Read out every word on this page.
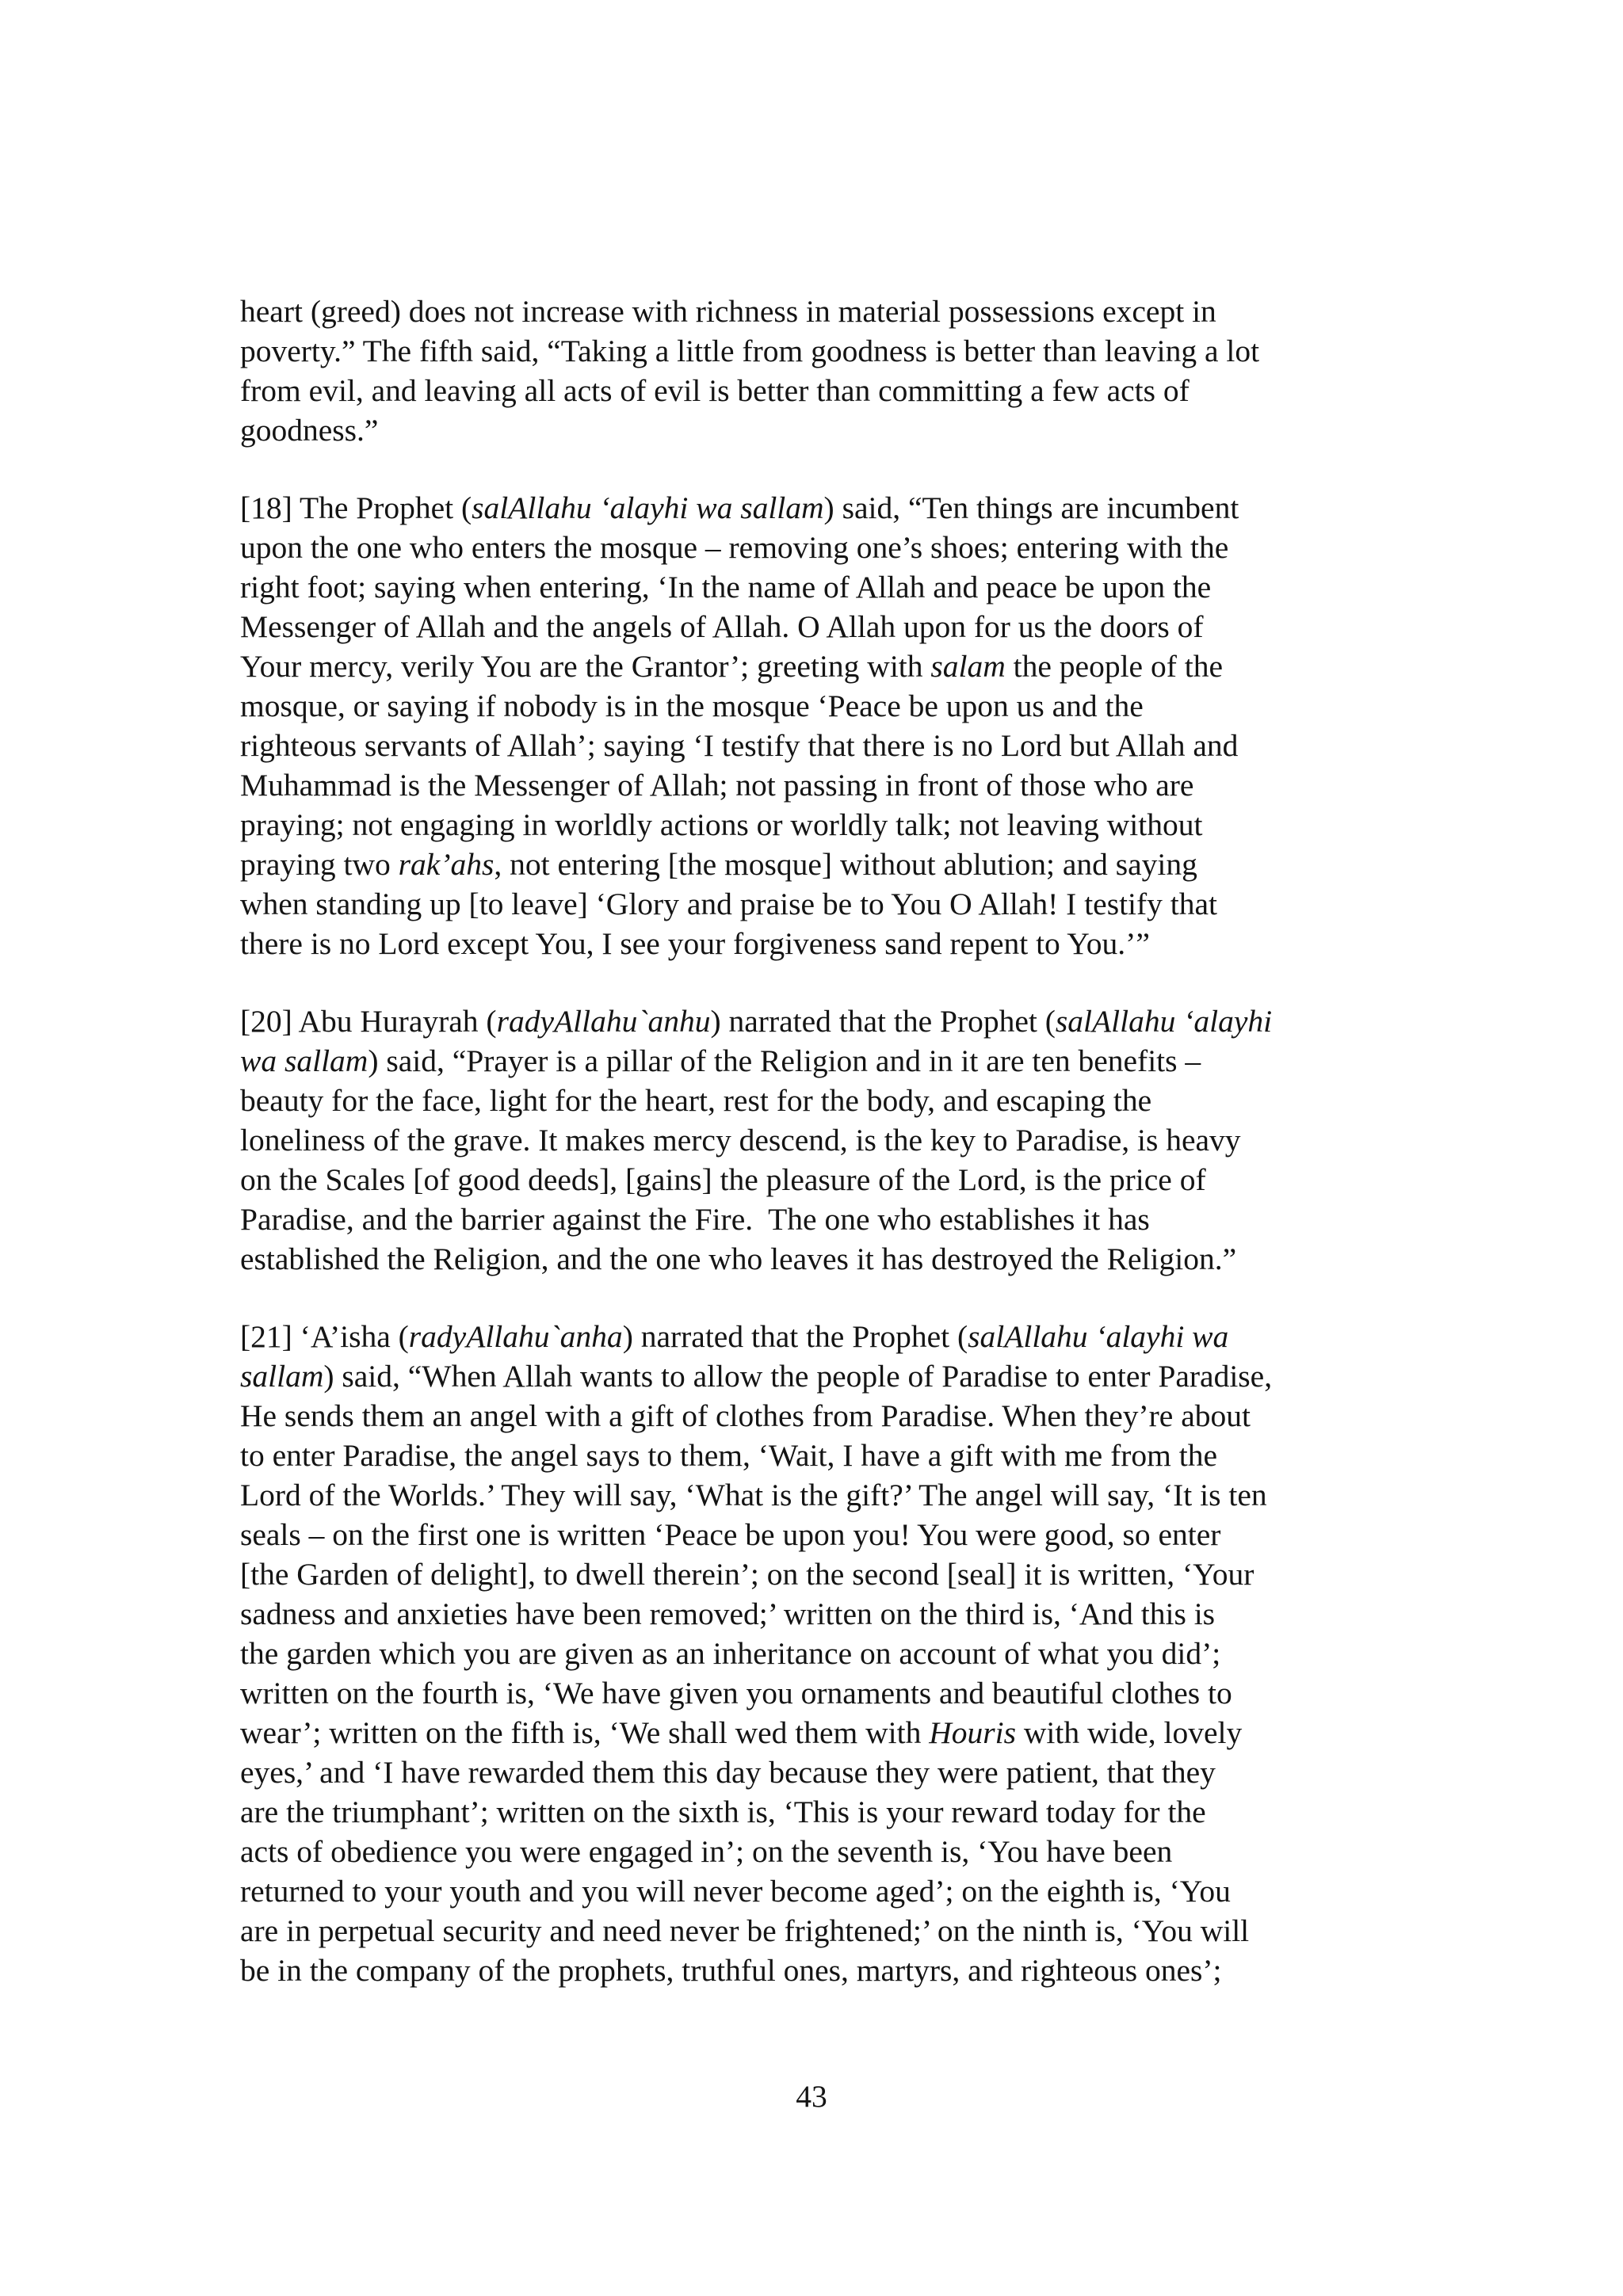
heart (greed) does not increase with richness in material possessions except in
poverty.” The fifth said, “Taking a little from goodness is better than leaving a lot
from evil, and leaving all acts of evil is better than committing a few acts of
goodness.”
[18] The Prophet (salAllahu ‘alayhi wa sallam) said, “Ten things are incumbent
upon the one who enters the mosque – removing one’s shoes; entering with the
right foot; saying when entering, ‘In the name of Allah and peace be upon the
Messenger of Allah and the angels of Allah. O Allah upon for us the doors of
Your mercy, verily You are the Grantor’; greeting with salam the people of the
mosque, or saying if nobody is in the mosque ‘Peace be upon us and the
righteous servants of Allah’; saying ‘I testify that there is no Lord but Allah and
Muhammad is the Messenger of Allah; not passing in front of those who are
praying; not engaging in worldly actions or worldly talk; not leaving without
praying two rak’ahs, not entering [the mosque] without ablution; and saying
when standing up [to leave] ‘Glory and praise be to You O Allah! I testify that
there is no Lord except You, I see your forgiveness sand repent to You.’”
[20] Abu Hurayrah (radyAllahu`anhu) narrated that the Prophet (salAllahu ‘alayhi
wa sallam) said, “Prayer is a pillar of the Religion and in it are ten benefits –
beauty for the face, light for the heart, rest for the body, and escaping the
loneliness of the grave. It makes mercy descend, is the key to Paradise, is heavy
on the Scales [of good deeds], [gains] the pleasure of the Lord, is the price of
Paradise, and the barrier against the Fire.  The one who establishes it has
established the Religion, and the one who leaves it has destroyed the Religion.”
[21] ‘A’isha (radyAllahu`anha) narrated that the Prophet (salAllahu ‘alayhi wa
sallam) said, “When Allah wants to allow the people of Paradise to enter Paradise,
He sends them an angel with a gift of clothes from Paradise. When they’re about
to enter Paradise, the angel says to them, ‘Wait, I have a gift with me from the
Lord of the Worlds.’ They will say, ‘What is the gift?’ The angel will say, ‘It is ten
seals – on the first one is written ‘Peace be upon you! You were good, so enter
[the Garden of delight], to dwell therein’; on the second [seal] it is written, ‘Your
sadness and anxieties have been removed;’ written on the third is, ‘And this is
the garden which you are given as an inheritance on account of what you did’;
written on the fourth is, ‘We have given you ornaments and beautiful clothes to
wear’; written on the fifth is, ‘We shall wed them with Houris with wide, lovely
eyes,’ and ‘I have rewarded them this day because they were patient, that they
are the triumphant’; written on the sixth is, ‘This is your reward today for the
acts of obedience you were engaged in’; on the seventh is, ‘You have been
returned to your youth and you will never become aged’; on the eighth is, ‘You
are in perpetual security and need never be frightened;’ on the ninth is, ‘You will
be in the company of the prophets, truthful ones, martyrs, and righteous ones’;
43
